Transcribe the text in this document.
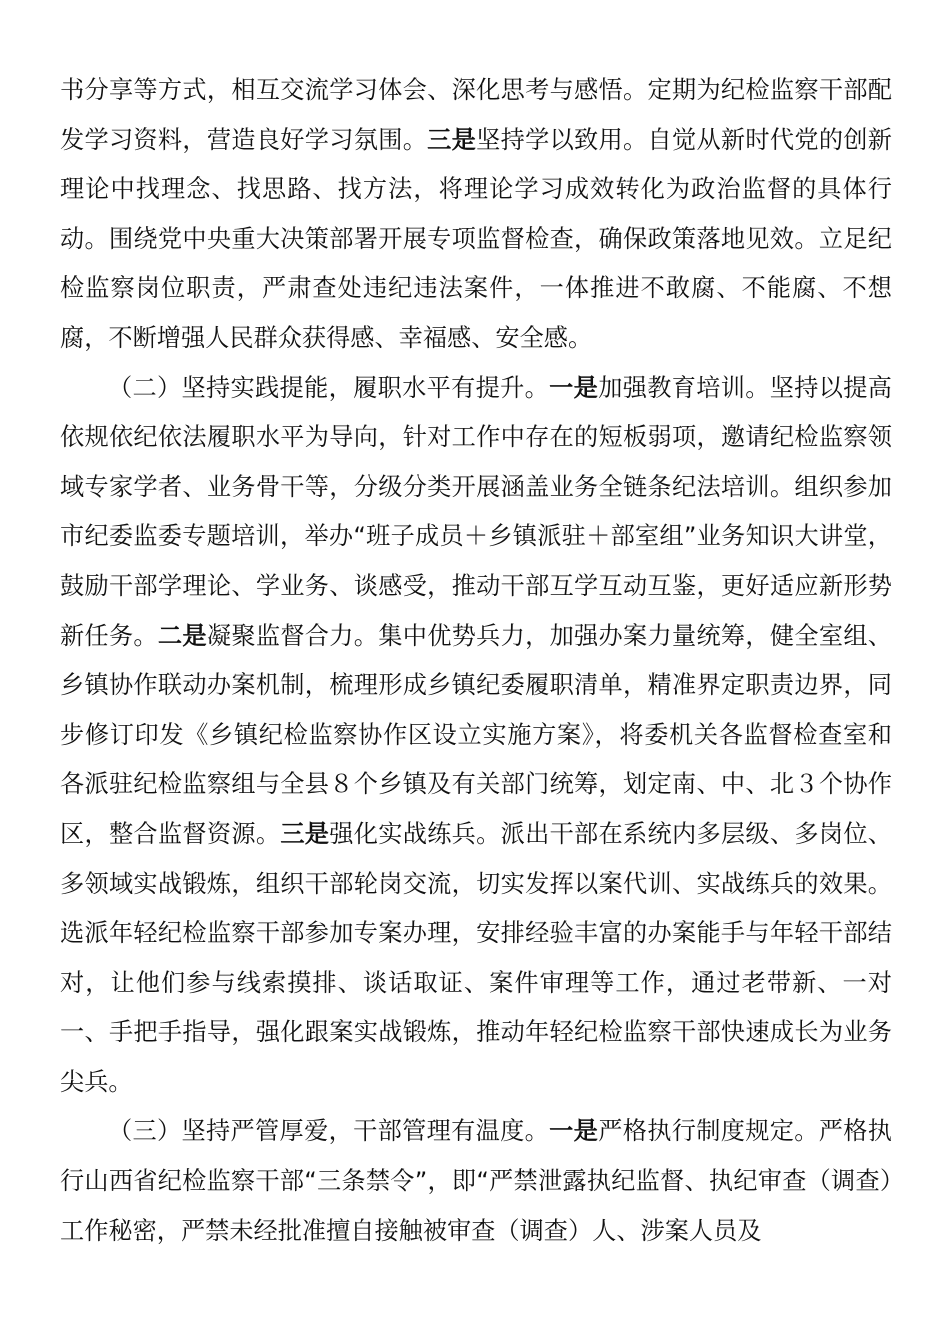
书分享等方式，相互交流学习体会、深化思考与感悟。定期为纪检监察干部配发学习资料，营造良好学习氛围。三是坚持学以致用。自觉从新时代党的创新理论中找理念、找思路、找方法，将理论学习成效转化为政治监督的具体行动。围绕党中央重大决策部署开展专项监督检查，确保政策落地见效。立足纪检监察岗位职责，严肃查处违纪违法案件，一体推进不敢腐、不能腐、不想腐，不断增强人民群众获得感、幸福感、安全感。

（二）坚持实践提能，履职水平有提升。一是加强教育培训。坚持以提高依规依纪依法履职水平为导向，针对工作中存在的短板弱项，邀请纪检监察领域专家学者、业务骨干等，分级分类开展涵盖业务全链条纪法培训。组织参加市纪委监委专题培训，举办“班子成员＋乡镇派驻＋部室组”业务知识大讲堂，鼓励干部学理论、学业务、谈感受，推动干部互学互动互鉴，更好适应新形势新任务。二是凝聚监督合力。集中优势兵力，加强办案力量统筹，健全室组、乡镇协作联动办案机制，梳理形成乡镇纪委履职清单，精准界定职责边界，同步修订印发《乡镇纪检监察协作区设立实施方案》，将委机关各监督检查室和各派驻纪检监察组与全县８个乡镇及有关部门统筹，划定南、中、北３个协作区，整合监督资源。三是强化实战练兵。派出干部在系统内多层级、多岗位、多领域实战锻炼，组织干部轮岗交流，切实发挥以案代训、实战练兵的效果。选派年轻纪检监察干部参加专案办理，安排经验丰富的办案能手与年轻干部结对，让他们参与线索摸排、谈话取证、案件审理等工作，通过老带新、一对一、手把手指导，强化跟案实战锻炼，推动年轻纪检监察干部快速成长为业务尖兵。

（三）坚持严管厚爱，干部管理有温度。一是严格执行制度规定。严格执行山西省纪检监察干部“三条禁令”，即“严禁泄露执纪监督、执纪审查（调查）工作秘密，严禁未经批准擅自接触被审查（调查）人、涉案人员及
